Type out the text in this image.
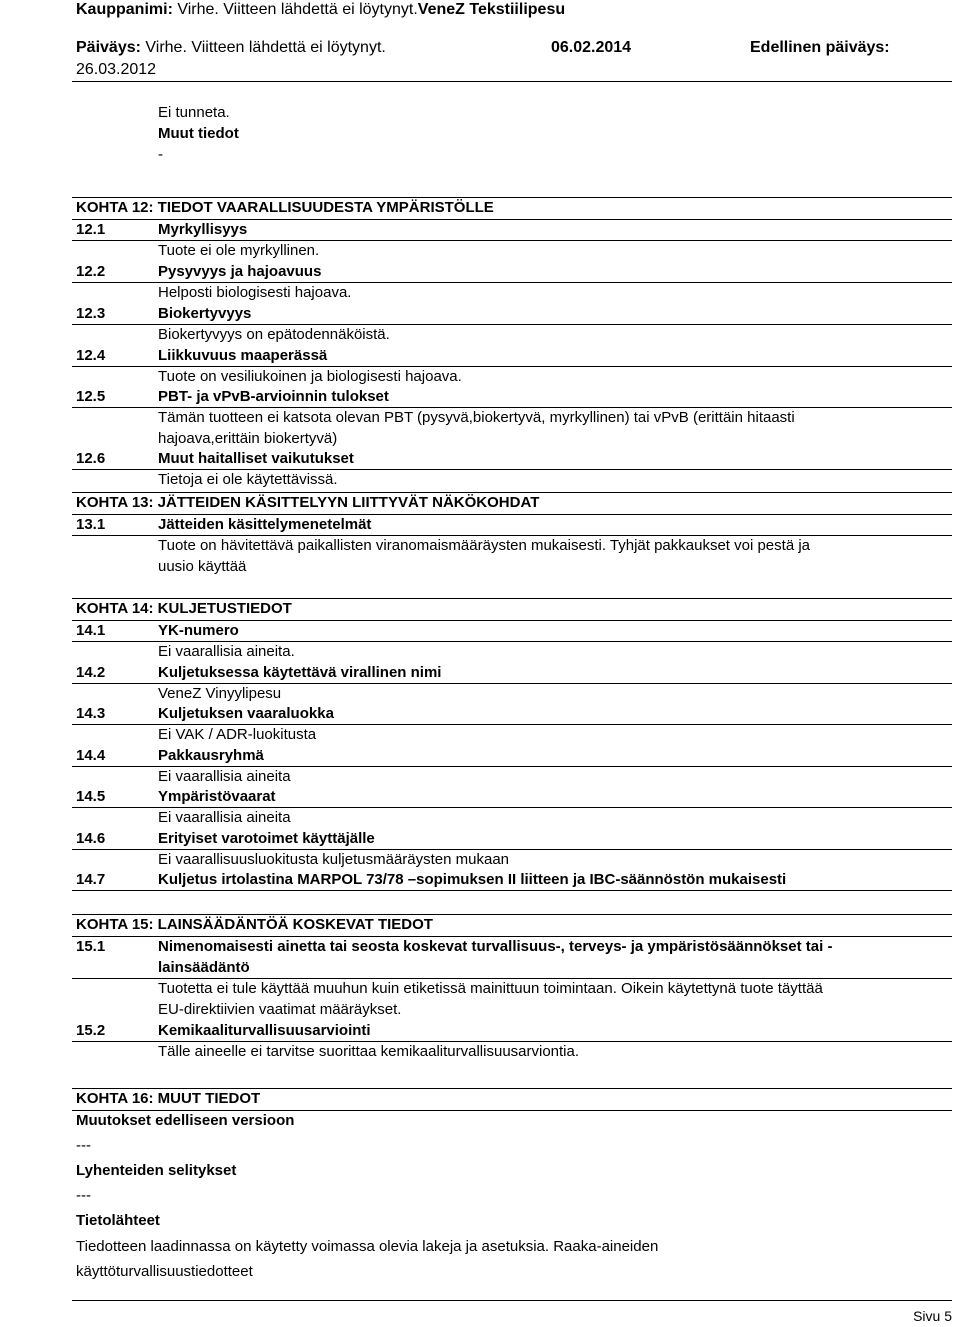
Kauppanimi: Virhe. Viitteen lähdettä ei löytynyt.VeneZ Tekstiilipesu
Päiväys: Virhe. Viitteen lähdettä ei löytynyt.	06.02.2014	Edellinen päiväys:
26.03.2012
Ei tunneta.
Muut tiedot
-
KOHTA 12: TIEDOT VAARALLISUUDESTA YMPÄRISTÖLLE
12.1	Myrkyllisyys
Tuote ei ole myrkyllinen.
12.2	Pysyvyys ja hajoavuus
Helposti biologisesti hajoava.
12.3	Biokertyvyys
Biokertyvyys on epätodennäköistä.
12.4	Liikkuvuus maaperässä
Tuote on vesiliukoinen ja biologisesti hajoava.
12.5	PBT- ja vPvB-arvioinnin tulokset
Tämän tuotteen ei katsota olevan PBT (pysyvä,biokertyvä, myrkyllinen) tai vPvB (erittäin hitaasti
hajoava,erittäin biokertyvä)
12.6	Muut haitalliset vaikutukset
Tietoja ei ole käytettävissä.
KOHTA 13: JÄTTEIDEN KÄSITTELYYN LIITTYVÄT NÄKÖKOHDAT
13.1	Jätteiden käsittelymenetelmät
Tuote on hävitettävä paikallisten viranomaismääräysten mukaisesti. Tyhjät pakkaukset voi pestä ja
uusio käyttää
KOHTA 14: KULJETUSTIEDOT
14.1	YK-numero
Ei vaarallisia aineita.
14.2	Kuljetuksessa käytettävä virallinen nimi
VeneZ Vinyylipesu
14.3	Kuljetuksen vaaraluokka
Ei VAK / ADR-luokitusta
14.4	Pakkausryhmä
Ei vaarallisia aineita
14.5	Ympäristövaarat
Ei vaarallisia aineita
14.6	Erityiset varotoimet käyttäjälle
Ei vaarallisuusluokitusta kuljetusmääräysten mukaan
14.7	Kuljetus irtolastina MARPOL 73/78 –sopimuksen II liitteen ja IBC-säännöstön mukaisesti
KOHTA 15: LAINSÄÄDÄNTÖÄ KOSKEVAT TIEDOT
15.1	Nimenomaisesti ainetta tai seosta koskevat turvallisuus-, terveys- ja ympäristösäännökset tai -
lainsäädäntö
Tuotetta ei tule käyttää muuhun kuin etiketissä mainittuun toimintaan. Oikein käytettynä tuote täyttää
EU-direktiivien vaatimat määräykset.
15.2	Kemikaaliturvallisuusarviointi
Tälle aineelle ei tarvitse suorittaa kemikaaliturvallisuusarviontia.
KOHTA 16: MUUT TIEDOT
Muutokset edelliseen versioon
---
Lyhenteiden selitykset
---
Tietolähteet
Tiedotteen laadinnassa on käytetty voimassa olevia lakeja ja asetuksia. Raaka-aineiden
käyttöturvallisuustiedotteet
Sivu 5
